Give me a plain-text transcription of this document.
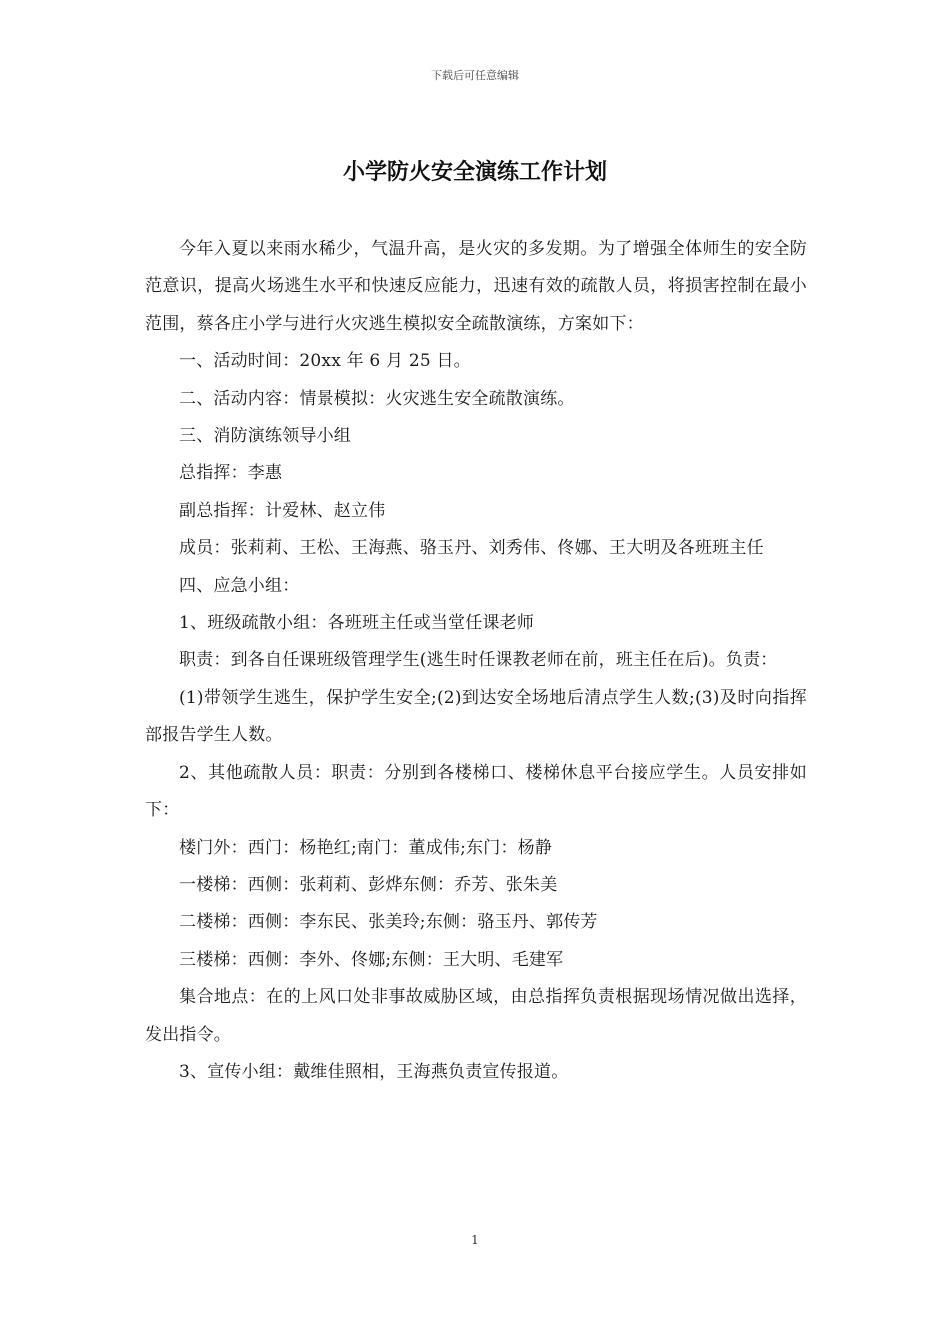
下载后可任意编辑
小学防火安全演练工作计划

今年入夏以来雨水稀少，气温升高，是火灾的多发期。为了增强全体师生的安全防范意识，提高火场逃生水平和快速反应能力，迅速有效的疏散人员，将损害控制在最小范围，蔡各庄小学与进行火灾逃生模拟安全疏散演练，方案如下：

一、活动时间：20xx 年 6 月 25 日。

二、活动内容：情景模拟：火灾逃生安全疏散演练。

三、消防演练领导小组

总指挥：李惠

副总指挥：计爱林、赵立伟

成员：张莉莉、王松、王海燕、骆玉丹、刘秀伟、佟娜、王大明及各班班主任

四、应急小组：

1、班级疏散小组：各班班主任或当堂任课老师

职责：到各自任课班级管理学生(逃生时任课教老师在前，班主任在后)。负责：

(1)带领学生逃生，保护学生安全;(2)到达安全场地后清点学生人数;(3)及时向指挥部报告学生人数。

2、其他疏散人员：职责：分别到各楼梯口、楼梯休息平台接应学生。人员安排如下：

楼门外：西门：杨艳红;南门：董成伟;东门：杨静

一楼梯：西侧：张莉莉、彭烨东侧：乔芳、张朱美

二楼梯：西侧：李东民、张美玲;东侧：骆玉丹、郭传芳

三楼梯：西侧：李外、佟娜;东侧：王大明、毛建军

集合地点：在的上风口处非事故威胁区域，由总指挥负责根据现场情况做出选择，发出指令。

3、宣传小组：戴维佳照相，王海燕负责宣传报道。

1
